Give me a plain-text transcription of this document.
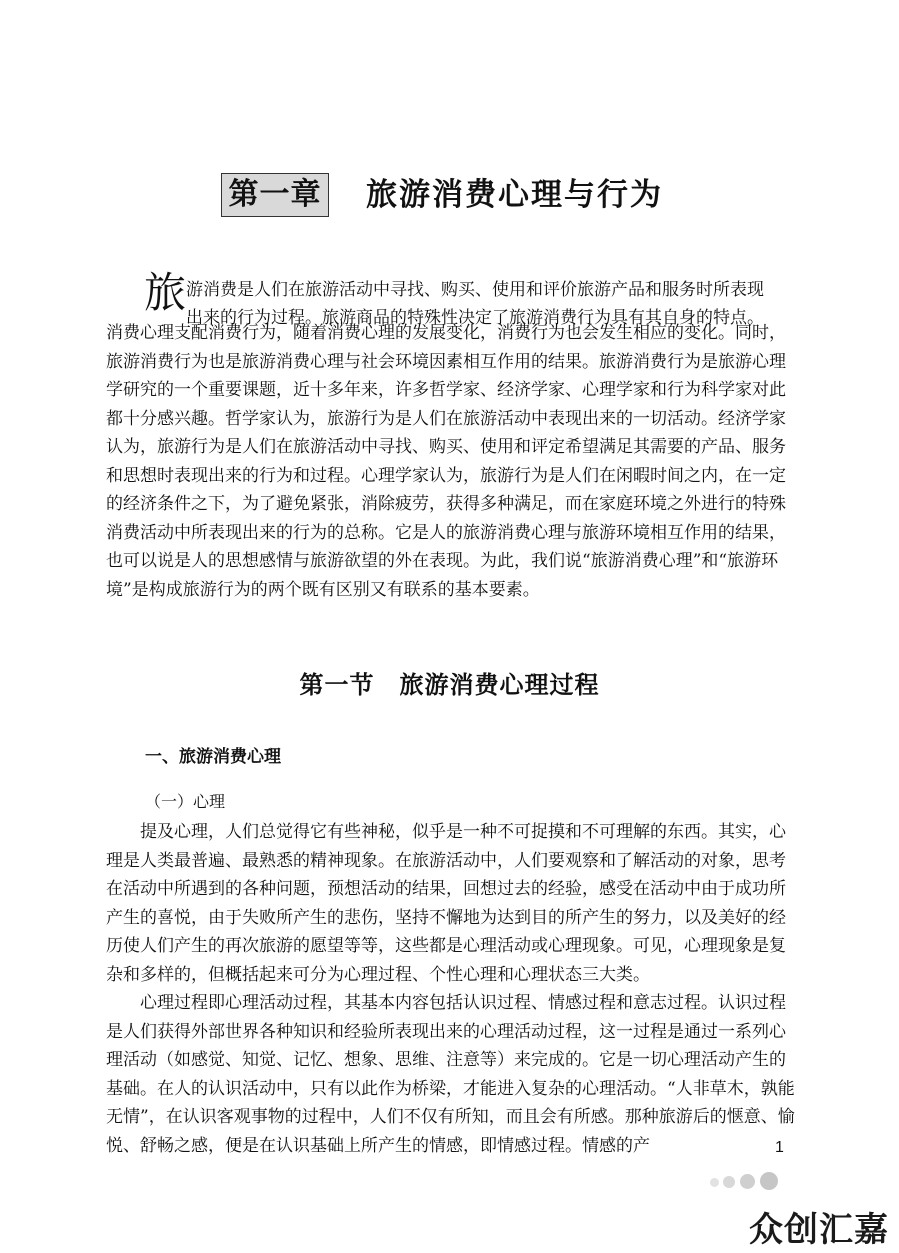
第一章 旅游消费心理与行为
旅 游消费是人们在旅游活动中寻找、购买、使用和评价旅游产品和服务时所表现
出来的行为过程。旅游商品的特殊性决定了旅游消费行为具有其自身的特点。

消费心理支配消费行为，随着消费心理的发展变化，消费行为也会发生相应的变化。同时，旅游消费行为也是旅游消费心理与社会环境因素相互作用的结果。旅游消费行为是旅游心理学研究的一个重要课题，近十多年来，许多哲学家、经济学家、心理学家和行为科学家对此都十分感兴趣。哲学家认为，旅游行为是人们在旅游活动中表现出来的一切活动。经济学家认为，旅游行为是人们在旅游活动中寻找、购买、使用和评定希望满足其需要的产品、服务和思想时表现出来的行为和过程。心理学家认为，旅游行为是人们在闲暇时间之内，在一定的经济条件之下，为了避免紧张，消除疲劳，获得多种满足，而在家庭环境之外进行的特殊消费活动中所表现出来的行为的总称。它是人的旅游消费心理与旅游环境相互作用的结果，也可以说是人的思想感情与旅游欲望的外在表现。为此，我们说“旅游消费心理”和“旅游环境”是构成旅游行为的两个既有区别又有联系的基本要素。

第一节　旅游消费心理过程
一、旅游消费心理
（一）心理

提及心理，人们总觉得它有些神秘，似乎是一种不可捉摸和不可理解的东西。其实，心理是人类最普遍、最熟悉的精神现象。在旅游活动中，人们要观察和了解活动的对象，思考在活动中所遇到的各种问题，预想活动的结果，回想过去的经验，感受在活动中由于成功所产生的喜悦，由于失败所产生的悲伤，坚持不懈地为达到目的所产生的努力，以及美好的经历使人们产生的再次旅游的愿望等等，这些都是心理活动或心理现象。可见，心理现象是复杂和多样的，但概括起来可分为心理过程、个性心理和心理状态三大类。

心理过程即心理活动过程，其基本内容包括认识过程、情感过程和意志过程。认识过程是人们获得外部世界各种知识和经验所表现出来的心理活动过程，这一过程是通过一系列心理活动（如感觉、知觉、记忆、想象、思维、注意等）来完成的。它是一切心理活动产生的基础。在人的认识活动中，只有以此作为桥梁，才能进入复杂的心理活动。“人非草木，孰能无情”，在认识客观事物的过程中，人们不仅有所知，而且会有所感。那种旅游后的惬意、愉悦、舒畅之感，便是在认识基础上所产生的情感，即情感过程。情感的产	1
众创汇嘉
